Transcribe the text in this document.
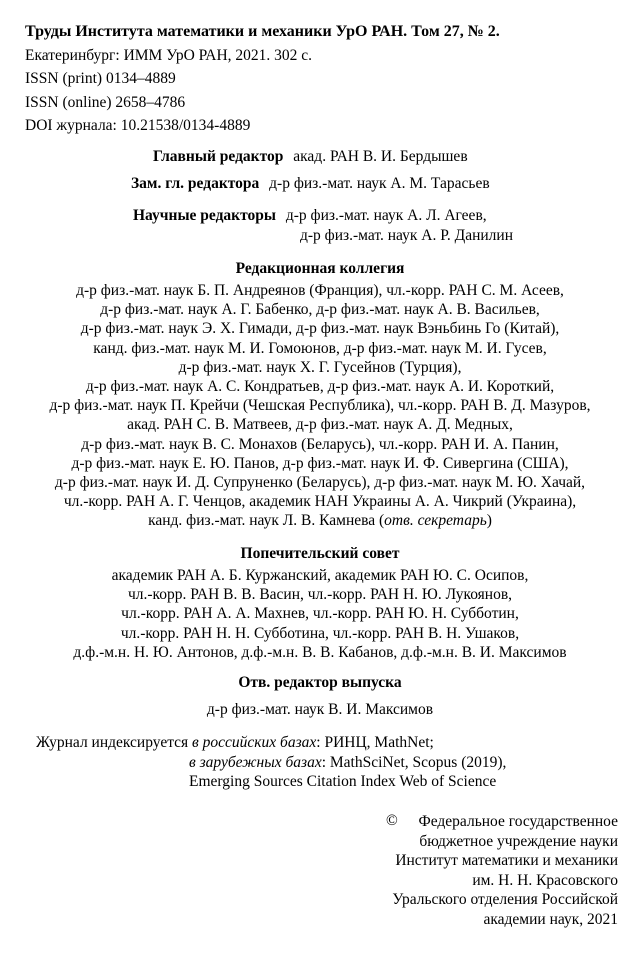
Труды Института математики и механики УрО РАН. Том 27, № 2.
Екатеринбург: ИММ УрО РАН, 2021. 302 с.
ISSN (print) 0134–4889
ISSN (online) 2658–4786
DOI журнала: 10.21538/0134-4889
Главный редактор акад. РАН В. И. Бердышев
Зам. гл. редактора д-р физ.-мат. наук А. М. Тарасьев
Научные редакторы д-р физ.-мат. наук А. Л. Агеев,
д-р физ.-мат. наук А. Р. Данилин
Редакционная коллегия
д-р физ.-мат. наук Б. П. Андреянов (Франция), чл.-корр. РАН С. М. Асеев,
д-р физ.-мат. наук А. Г. Бабенко, д-р физ.-мат. наук А. В. Васильев,
д-р физ.-мат. наук Э. Х. Гимади, д-р физ.-мат. наук Вэньбинь Го (Китай),
канд. физ.-мат. наук М. И. Гомоюнов, д-р физ.-мат. наук М. И. Гусев,
д-р физ.-мат. наук Х. Г. Гусейнов (Турция),
д-р физ.-мат. наук А. С. Кондратьев, д-р физ.-мат. наук А. И. Короткий,
д-р физ.-мат. наук П. Крейчи (Чешская Республика), чл.-корр. РАН В. Д. Мазуров,
акад. РАН С. В. Матвеев, д-р физ.-мат. наук А. Д. Медных,
д-р физ.-мат. наук В. С. Монахов (Беларусь), чл.-корр. РАН И. А. Панин,
д-р физ.-мат. наук Е. Ю. Панов, д-р физ.-мат. наук И. Ф. Сивергина (США),
д-р физ.-мат. наук И. Д. Супруненко (Беларусь), д-р физ.-мат. наук М. Ю. Хачай,
чл.-корр. РАН А. Г. Ченцов, академик НАН Украины А. А. Чикрий (Украина),
канд. физ.-мат. наук Л. В. Камнева (отв. секретарь)
Попечительский совет
академик РАН А. Б. Куржанский, академик РАН Ю. С. Осипов,
чл.-корр. РАН В. В. Васин, чл.-корр. РАН Н. Ю. Лукоянов,
чл.-корр. РАН А. А. Махнев, чл.-корр. РАН Ю. Н. Субботин,
чл.-корр. РАН Н. Н. Субботина, чл.-корр. РАН В. Н. Ушаков,
д.ф.-м.н. Н. Ю. Антонов, д.ф.-м.н. В. В. Кабанов, д.ф.-м.н. В. И. Максимов
Отв. редактор выпуска
д-р физ.-мат. наук В. И. Максимов
Журнал индексируется в российских базах: РИНЦ, MathNet;
в зарубежных базах: MathSciNet, Scopus (2019),
Emerging Sources Citation Index Web of Science
©	Федеральное государственное
бюджетное учреждение науки
Институт математики и механики
им. Н. Н. Красовского
Уральского отделения Российской
академии наук, 2021
